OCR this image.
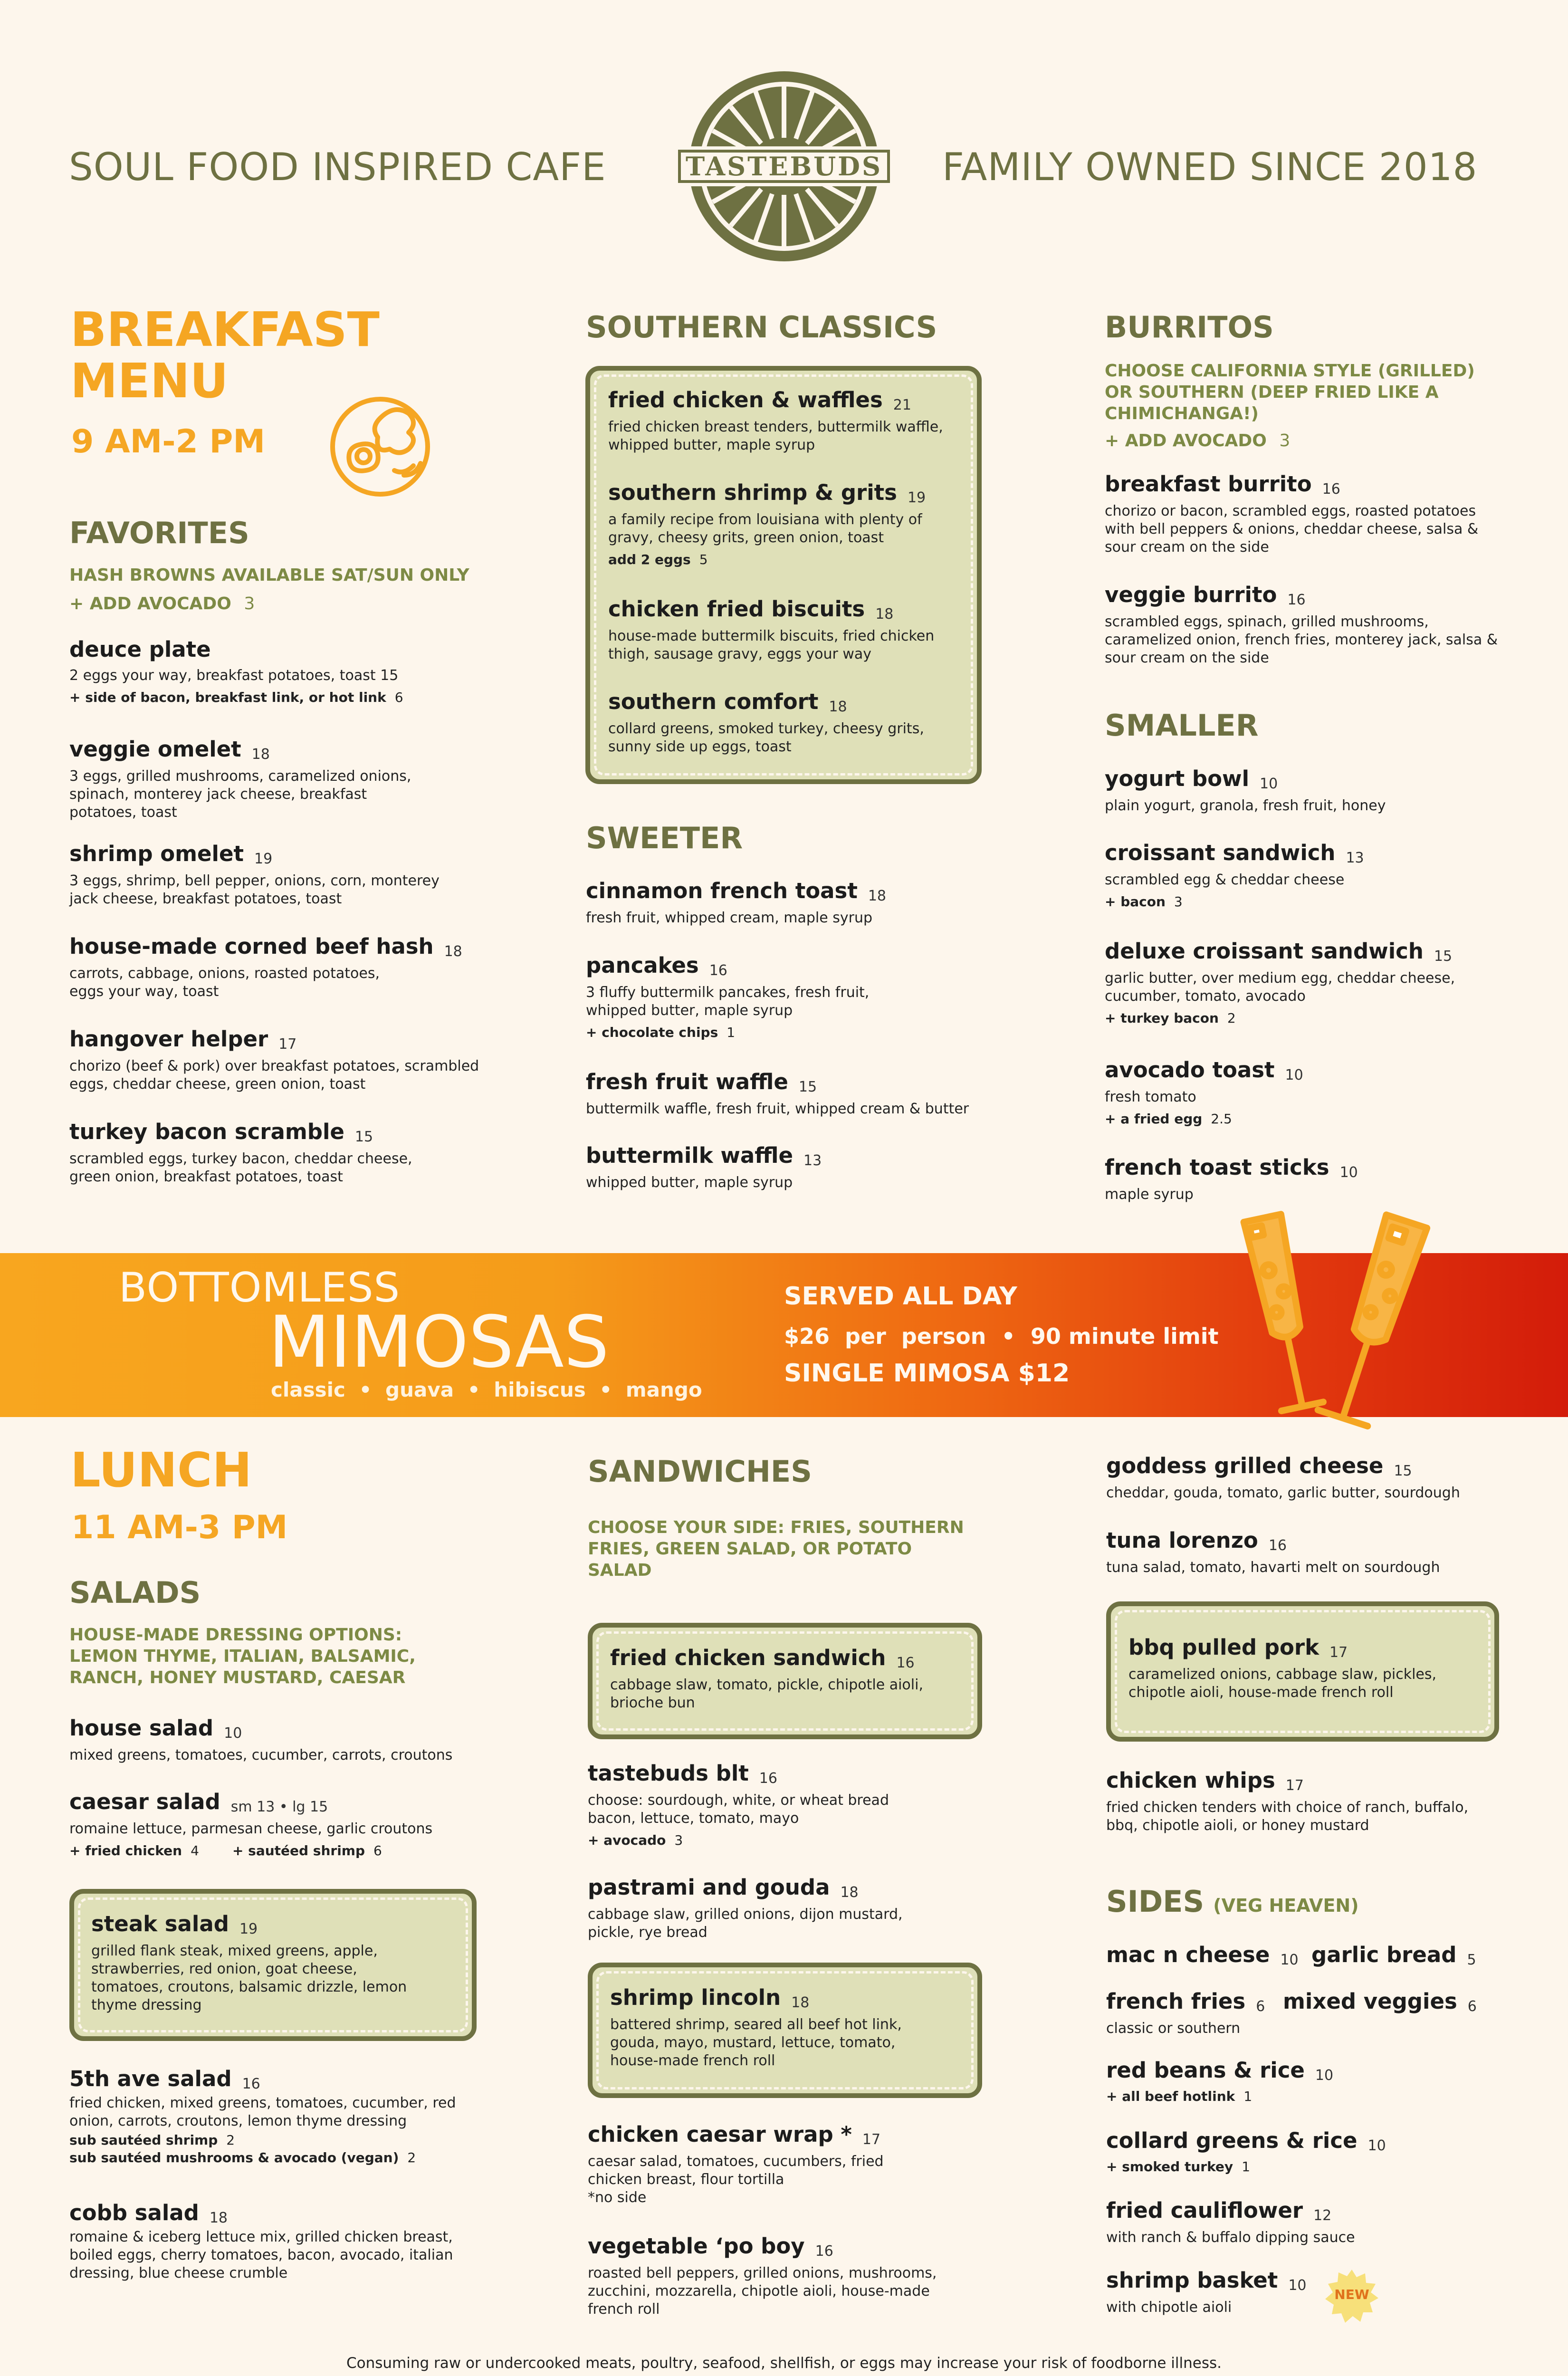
SOUL FOOD INSPIRED CAFE	FAMILY OWNED SINCE 2018
TASTEBUDS
BREAKFAST
MENU
9 AM-2 PM
FAVORITES
HASH BROWNS AVAILABLE SAT/SUN ONLY
+ ADD AVOCADO 3
deuce plate
2 eggs your way, breakfast potatoes, toast 15
+ side of bacon, breakfast link, or hot link 6
veggie omelet 18
3 eggs, grilled mushrooms, caramelized onions, spinach, monterey jack cheese, breakfast potatoes, toast
shrimp omelet 19
3 eggs, shrimp, bell pepper, onions, corn, monterey jack cheese, breakfast potatoes, toast
house-made corned beef hash 18
carrots, cabbage, onions, roasted potatoes, eggs your way, toast
hangover helper 17
chorizo (beef & pork) over breakfast potatoes, scrambled eggs, cheddar cheese, green onion, toast
turkey bacon scramble 15
scrambled eggs, turkey bacon, cheddar cheese, green onion, breakfast potatoes, toast
SOUTHERN CLASSICS
fried chicken & waffles 21
fried chicken breast tenders, buttermilk waffle, whipped butter, maple syrup
southern shrimp & grits 19
a family recipe from louisiana with plenty of gravy, cheesy grits, green onion, toast
add 2 eggs 5
chicken fried biscuits 18
house-made buttermilk biscuits, fried chicken thigh, sausage gravy, eggs your way
southern comfort 18
collard greens, smoked turkey, cheesy grits, sunny side up eggs, toast
SWEETER
cinnamon french toast 18
fresh fruit, whipped cream, maple syrup
pancakes 16
3 fluffy buttermilk pancakes, fresh fruit, whipped butter, maple syrup
+ chocolate chips 1
fresh fruit waffle 15
buttermilk waffle, fresh fruit, whipped cream & butter
buttermilk waffle 13
whipped butter, maple syrup
BURRITOS
CHOOSE CALIFORNIA STYLE (GRILLED) OR SOUTHERN (DEEP FRIED LIKE A CHIMICHANGA!)
+ ADD AVOCADO 3
breakfast burrito 16
chorizo or bacon, scrambled eggs, roasted potatoes with bell peppers & onions, cheddar cheese, salsa & sour cream on the side
veggie burrito 16
scrambled eggs, spinach, grilled mushrooms, caramelized onion, french fries, monterey jack, salsa & sour cream on the side
SMALLER
yogurt bowl 10
plain yogurt, granola, fresh fruit, honey
croissant sandwich 13
scrambled egg & cheddar cheese
+ bacon 3
deluxe croissant sandwich 15
garlic butter, over medium egg, cheddar cheese, cucumber, tomato, avocado
+ turkey bacon 2
avocado toast 10
fresh tomato
+ a fried egg 2.5
french toast sticks 10
maple syrup
BOTTOMLESS
MIMOSAS
classic • guava • hibiscus • mango
SERVED ALL DAY
$26  per  person  •  90 minute limit
SINGLE MIMOSA $12
LUNCH
11 AM-3 PM
SALADS
HOUSE-MADE DRESSING OPTIONS: LEMON THYME, ITALIAN, BALSAMIC, RANCH, HONEY MUSTARD, CAESAR
house salad 10
mixed greens, tomatoes, cucumber, carrots, croutons
caesar salad sm 13 • lg 15
romaine lettuce, parmesan cheese, garlic croutons
+ fried chicken 4	+ sautéed shrimp 6
steak salad 19
grilled flank steak, mixed greens, apple, strawberries, red onion, goat cheese, tomatoes, croutons, balsamic drizzle, lemon thyme dressing
5th ave salad 16
fried chicken, mixed greens, tomatoes, cucumber, red onion, carrots, croutons, lemon thyme dressing
sub sautéed shrimp 2
sub sautéed mushrooms & avocado (vegan) 2
cobb salad 18
romaine & iceberg lettuce mix, grilled chicken breast, boiled eggs, cherry tomatoes, bacon, avocado, italian dressing, blue cheese crumble
SANDWICHES
CHOOSE YOUR SIDE: FRIES, SOUTHERN FRIES, GREEN SALAD, OR POTATO SALAD
fried chicken sandwich 16
cabbage slaw, tomato, pickle, chipotle aioli, brioche bun
tastebuds blt 16
choose: sourdough, white, or wheat bread bacon, lettuce, tomato, mayo
+ avocado 3
pastrami and gouda 18
cabbage slaw, grilled onions, dijon mustard, pickle, rye bread
shrimp lincoln 18
battered shrimp, seared all beef hot link, gouda, mayo, mustard, lettuce, tomato, house-made french roll
chicken caesar wrap * 17
caesar salad, tomatoes, cucumbers, fried chicken breast, flour tortilla
*no side
vegetable ‘po boy 16
roasted bell peppers, grilled onions, mushrooms, zucchini, mozzarella, chipotle aioli, house-made french roll
goddess grilled cheese 15
cheddar, gouda, tomato, garlic butter, sourdough
tuna lorenzo 16
tuna salad, tomato, havarti melt on sourdough
bbq pulled pork 17
caramelized onions, cabbage slaw, pickles, chipotle aioli, house-made french roll
chicken whips 17
fried chicken tenders with choice of ranch, buffalo, bbq, chipotle aioli, or honey mustard
SIDES (VEG HEAVEN)
mac n cheese 10 garlic bread 5
french fries 6
classic or southern
mixed veggies 6
red beans & rice 10
+ all beef hotlink 1
collard greens & rice 10
+ smoked turkey 1
fried cauliflower 12
with ranch & buffalo dipping sauce
shrimp basket 10
with chipotle aioli
NEW
Consuming raw or undercooked meats, poultry, seafood, shellfish, or eggs may increase your risk of foodborne illness.
